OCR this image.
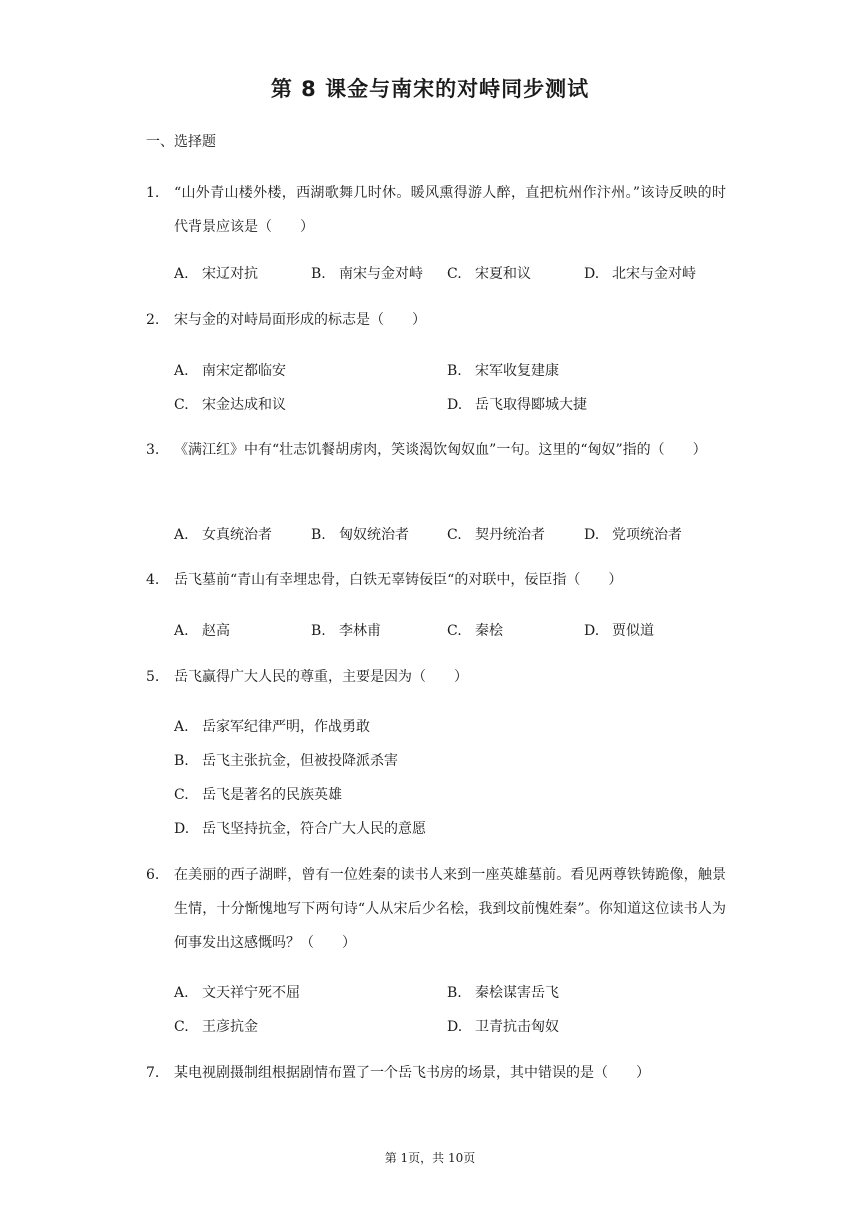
第 8 课金与南宋的对峙同步测试
一、选择题
1.	“山外青山楼外楼，西湖歌舞几时休。暖风熏得游人醉，直把杭州作汴州。”该诗反映的时代背景应该是（　　）
A. 宋辽对抗	B. 南宋与金对峙 C. 宋夏和议	D. 北宋与金对峙
2.	宋与金的对峙局面形成的标志是（　　）
A. 南宋定都临安	B. 宋军收复建康
C. 宋金达成和议	D. 岳飞取得郾城大捷
3.	《满江红》中有“壮志饥餐胡虏肉，笑谈渴饮匈奴血”一句。这里的“匈奴”指的（　　）
A. 女真统治者	B. 匈奴统治者	C. 契丹统治者	D. 党项统治者
4.	岳飞墓前“青山有幸埋忠骨，白铁无辜铸佞臣“的对联中，佞臣指（　　）
A. 赵高	B. 李林甫	C. 秦桧	D. 贾似道
5.	岳飞赢得广大人民的尊重，主要是因为（　　）
A. 岳家军纪律严明，作战勇敢
B. 岳飞主张抗金，但被投降派杀害
C. 岳飞是著名的民族英雄
D. 岳飞坚持抗金，符合广大人民的意愿
6.	在美丽的西子湖畔，曾有一位姓秦的读书人来到一座英雄墓前。看见两尊铁铸跪像，触景生情，十分惭愧地写下两句诗“人从宋后少名桧，我到坟前愧姓秦”。你知道这位读书人为何事发出这感慨吗？（　　）
A. 文天祥宁死不屈	B. 秦桧谋害岳飞
C. 王彦抗金	D. 卫青抗击匈奴
7.	某电视剧摄制组根据剧情布置了一个岳飞书房的场景，其中错误的是（　　）
第 1页，共 10页
